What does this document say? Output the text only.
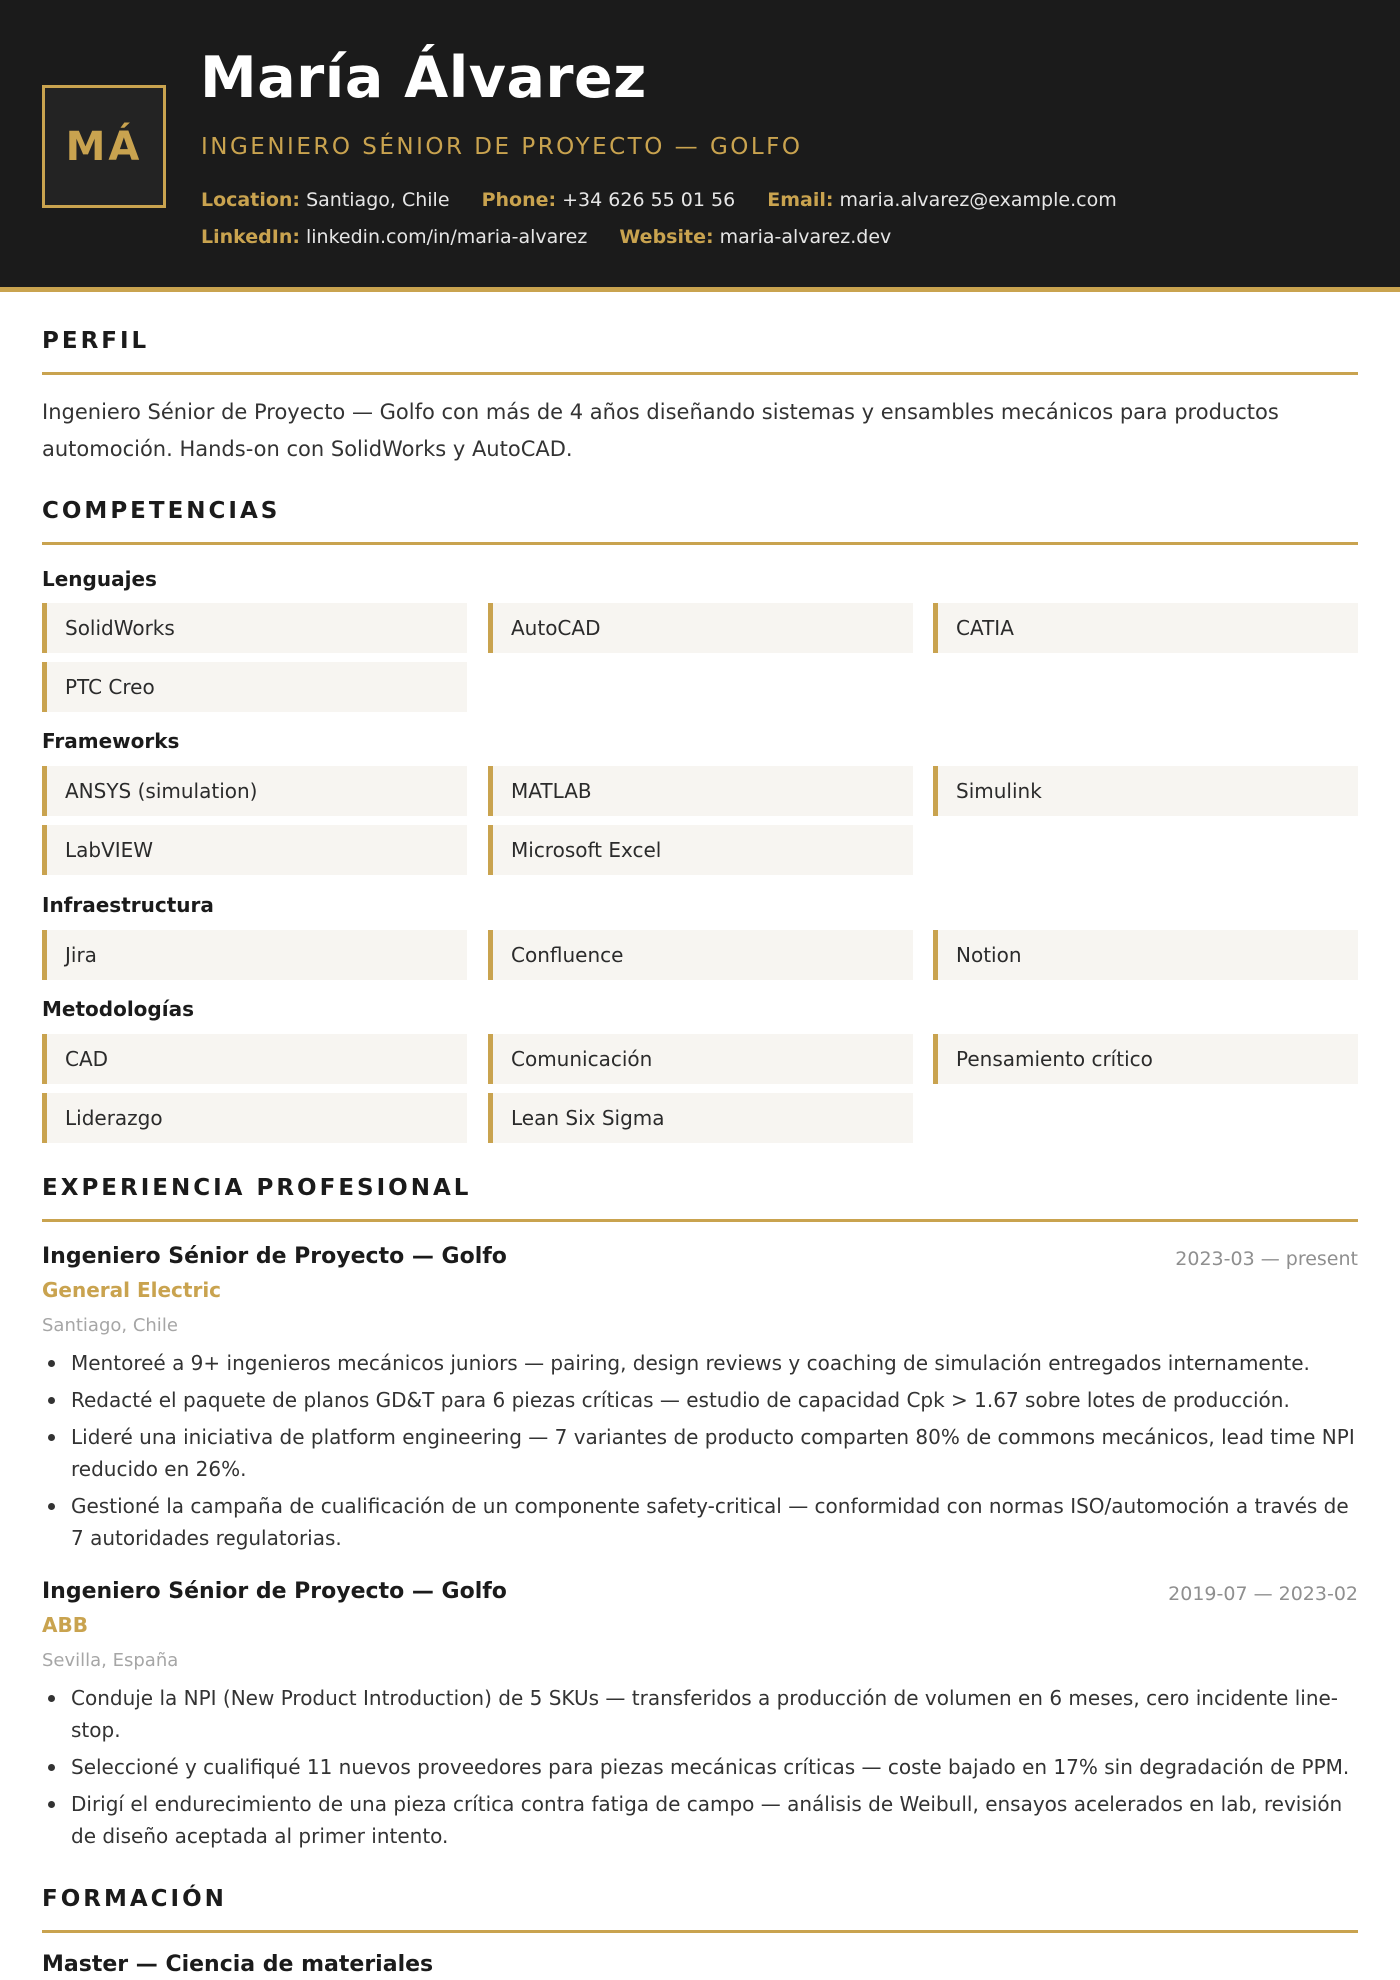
MÁ
María Álvarez
INGENIERO SÉNIOR DE PROYECTO — GOLFO
Location: Santiago, Chile Phone: +34 626 55 01 56 Email: maria.alvarez@example.com
LinkedIn: linkedin.com/in/maria-alvarez Website: maria-alvarez.dev
PERFIL
Ingeniero Sénior de Proyecto — Golfo con más de 4 años diseñando sistemas y ensambles mecánicos para productos automoción. Hands-on con SolidWorks y AutoCAD.
COMPETENCIAS
Lenguajes
SolidWorks	AutoCAD	CATIA
PTC Creo
Frameworks
ANSYS (simulation)	MATLAB	Simulink
LabVIEW	Microsoft Excel
Infraestructura
Jira	Confluence	Notion
Metodologías
CAD	Comunicación	Pensamiento crítico
Liderazgo	Lean Six Sigma
EXPERIENCIA PROFESIONAL
Ingeniero Sénior de Proyecto — Golfo	2023-03 — present
General Electric
Santiago, Chile
Mentoreé a 9+ ingenieros mecánicos juniors — pairing, design reviews y coaching de simulación entregados internamente.
Redacté el paquete de planos GD&T para 6 piezas críticas — estudio de capacidad Cpk > 1.67 sobre lotes de producción.
Lideré una iniciativa de platform engineering — 7 variantes de producto comparten 80% de commons mecánicos, lead time NPI reducido en 26%.
Gestioné la campaña de cualificación de un componente safety-critical — conformidad con normas ISO/automoción a través de 7 autoridades regulatorias.
Ingeniero Sénior de Proyecto — Golfo	2019-07 — 2023-02
ABB
Sevilla, España
Conduje la NPI (New Product Introduction) de 5 SKUs — transferidos a producción de volumen en 6 meses, cero incidente line-stop.
Seleccioné y cualifiqué 11 nuevos proveedores para piezas mecánicas críticas — coste bajado en 17% sin degradación de PPM.
Dirigí el endurecimiento de una pieza crítica contra fatiga de campo — análisis de Weibull, ensayos acelerados en lab, revisión de diseño aceptada al primer intento.
FORMACIÓN
Master — Ciencia de materiales
